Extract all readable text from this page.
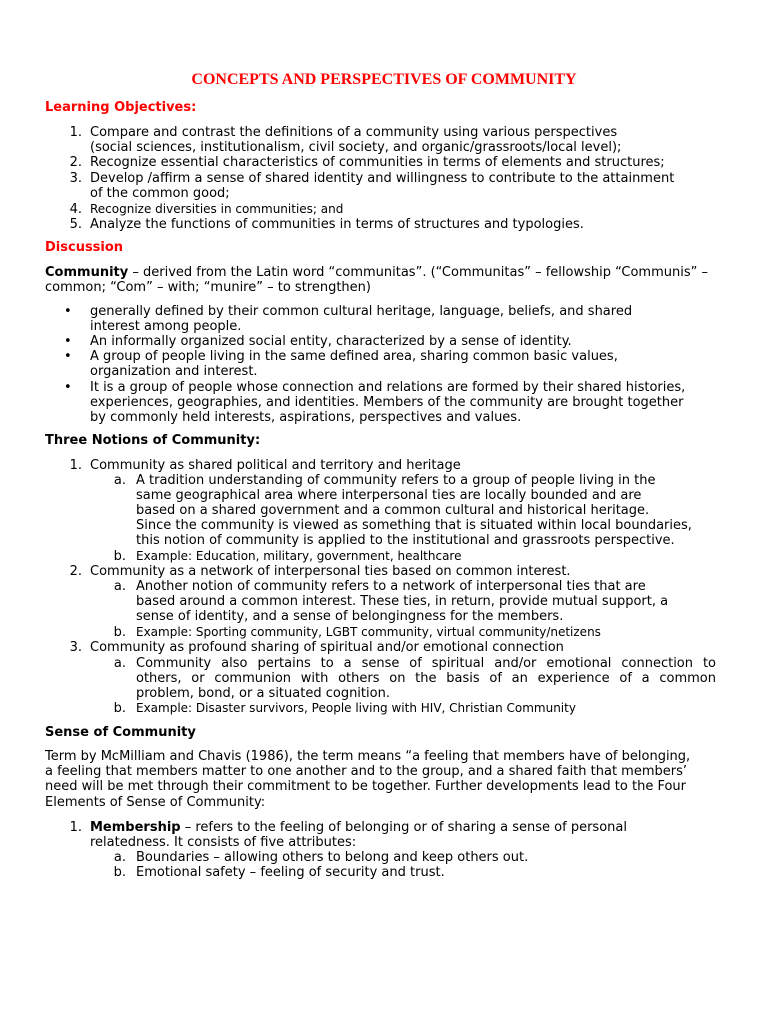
CONCEPTS AND PERSPECTIVES OF COMMUNITY
Learning Objectives:
1. Compare and contrast the definitions of a community using various perspectives
(social sciences, institutionalism, civil society, and organic/grassroots/local level);
2. Recognize essential characteristics of communities in terms of elements and structures;
3. Develop /affirm a sense of shared identity and willingness to contribute to the attainment
of the common good;
4. Recognize diversities in communities; and
5. Analyze the functions of communities in terms of structures and typologies.
Discussion
Community – derived from the Latin word “communitas”. (“Communitas” – fellowship “Communis” –
common; “Com” – with; “munire” – to strengthen)
• generally defined by their common cultural heritage, language, beliefs, and shared
interest among people.
• An informally organized social entity, characterized by a sense of identity.
• A group of people living in the same defined area, sharing common basic values,
organization and interest.
• It is a group of people whose connection and relations are formed by their shared histories,
experiences, geographies, and identities. Members of the community are brought together
by commonly held interests, aspirations, perspectives and values.
Three Notions of Community:
1. Community as shared political and territory and heritage
a. A tradition understanding of community refers to a group of people living in the
same geographical area where interpersonal ties are locally bounded and are
based on a shared government and a common cultural and historical heritage.
Since the community is viewed as something that is situated within local boundaries,
this notion of community is applied to the institutional and grassroots perspective.
b. Example: Education, military, government, healthcare
2. Community as a network of interpersonal ties based on common interest.
a. Another notion of community refers to a network of interpersonal ties that are
based around a common interest. These ties, in return, provide mutual support, a
sense of identity, and a sense of belongingness for the members.
b. Example: Sporting community, LGBT community, virtual community/netizens
3. Community as profound sharing of spiritual and/or emotional connection
a. Community also pertains to a sense of spiritual and/or emotional connection to
others, or communion with others on the basis of an experience of a common
problem, bond, or a situated cognition.
b. Example: Disaster survivors, People living with HIV, Christian Community
Sense of Community
Term by McMilliam and Chavis (1986), the term means “a feeling that members have of belonging,
a feeling that members matter to one another and to the group, and a shared faith that members’
need will be met through their commitment to be together. Further developments lead to the Four
Elements of Sense of Community:
1. Membership – refers to the feeling of belonging or of sharing a sense of personal
relatedness. It consists of five attributes:
a. Boundaries – allowing others to belong and keep others out.
b. Emotional safety – feeling of security and trust.
